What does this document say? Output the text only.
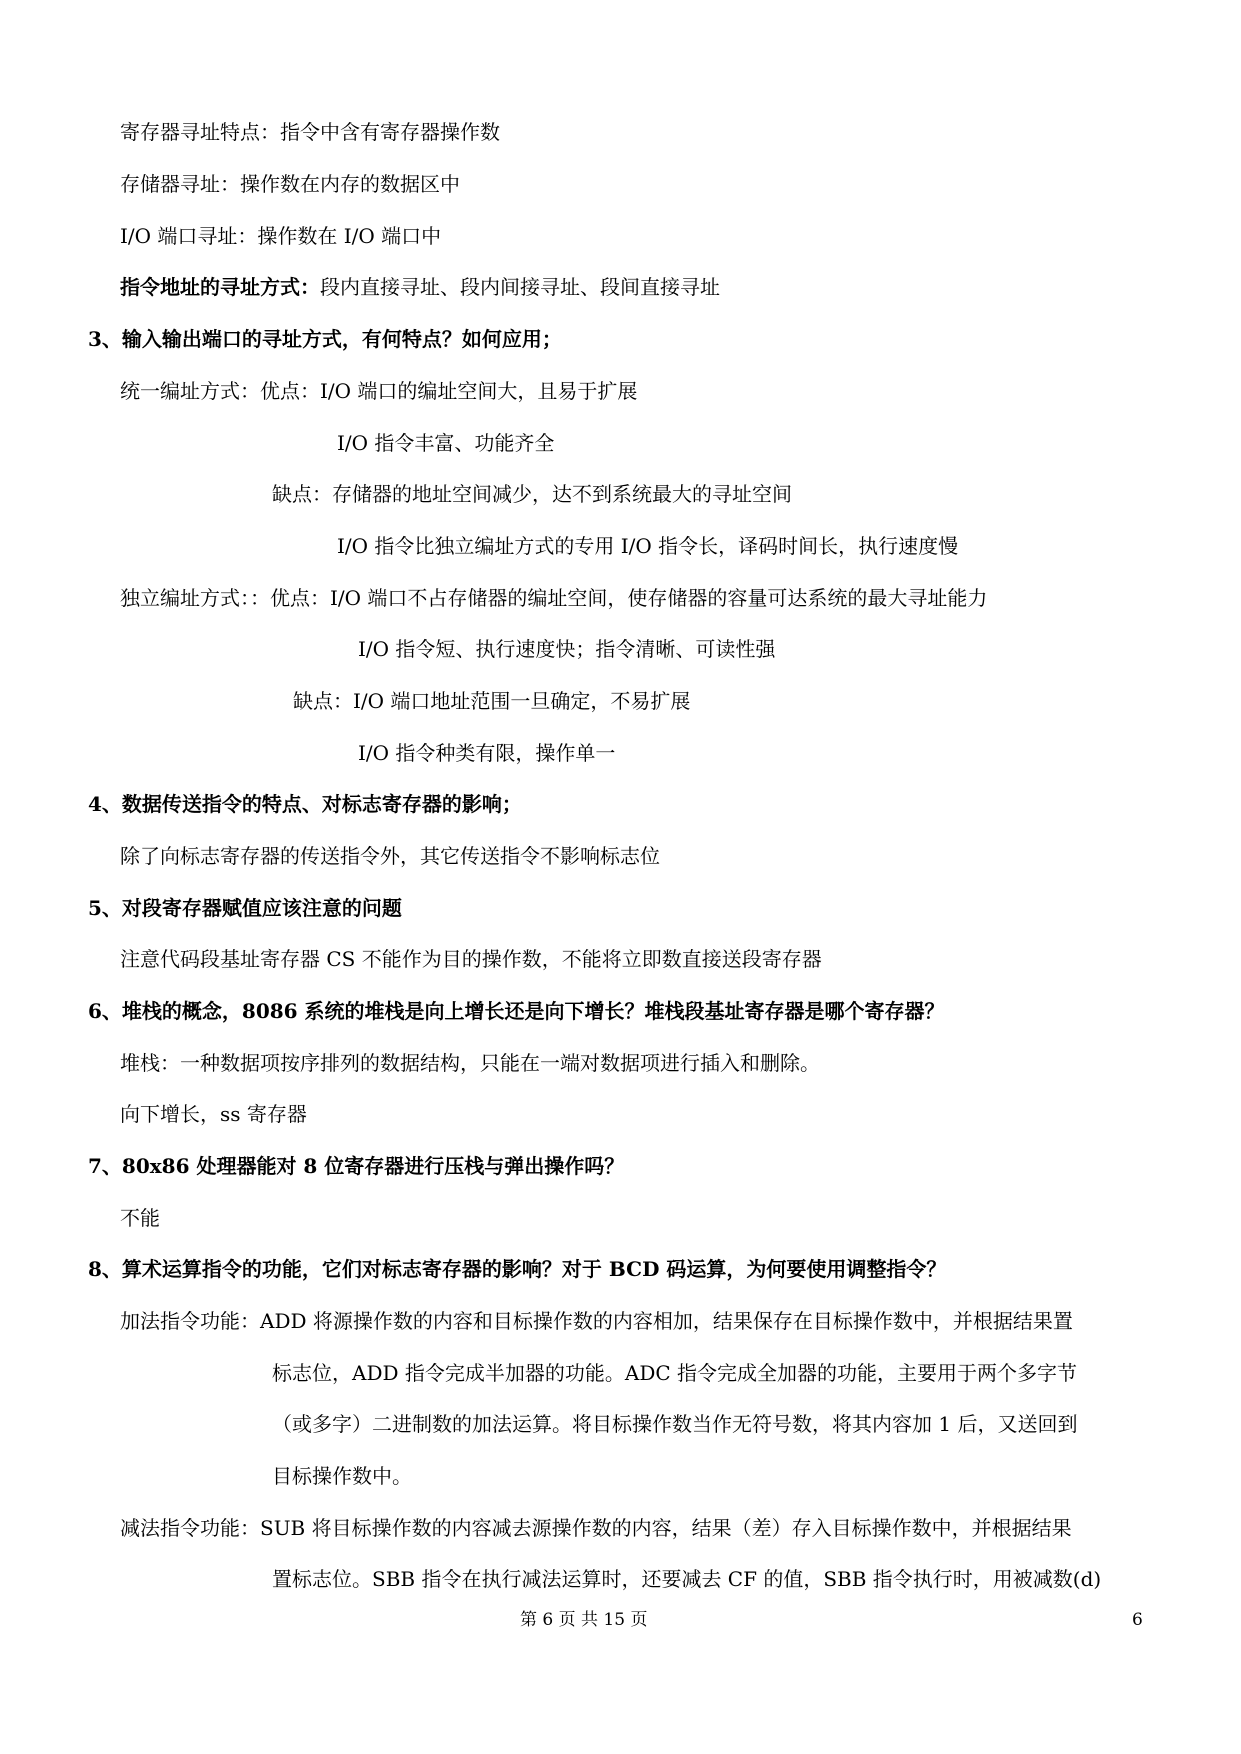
寄存器寻址特点：指令中含有寄存器操作数
存储器寻址：操作数在内存的数据区中
I/O 端口寻址：操作数在 I/O 端口中
指令地址的寻址方式：段内直接寻址、段内间接寻址、段间直接寻址
3、输入输出端口的寻址方式，有何特点？如何应用；
统一编址方式：优点：I/O 端口的编址空间大，且易于扩展
I/O 指令丰富、功能齐全
缺点：存储器的地址空间减少，达不到系统最大的寻址空间
I/O 指令比独立编址方式的专用 I/O 指令长，译码时间长，执行速度慢
独立编址方式：：优点：I/O 端口不占存储器的编址空间，使存储器的容量可达系统的最大寻址能力
I/O 指令短、执行速度快；指令清晰、可读性强
缺点：I/O 端口地址范围一旦确定，不易扩展
I/O 指令种类有限，操作单一
4、数据传送指令的特点、对标志寄存器的影响；
除了向标志寄存器的传送指令外，其它传送指令不影响标志位
5、对段寄存器赋值应该注意的问题
注意代码段基址寄存器 CS 不能作为目的操作数，不能将立即数直接送段寄存器
6、堆栈的概念，8086 系统的堆栈是向上增长还是向下增长？堆栈段基址寄存器是哪个寄存器？
堆栈：一种数据项按序排列的数据结构，只能在一端对数据项进行插入和删除。
向下增长，ss 寄存器
7、80x86 处理器能对 8 位寄存器进行压栈与弹出操作吗？
不能
8、算术运算指令的功能，它们对标志寄存器的影响？对于 BCD 码运算，为何要使用调整指令？
加法指令功能：ADD 将源操作数的内容和目标操作数的内容相加，结果保存在目标操作数中，并根据结果置
标志位，ADD 指令完成半加器的功能。ADC 指令完成全加器的功能，主要用于两个多字节
（或多字）二进制数的加法运算。将目标操作数当作无符号数，将其内容加 1 后，又送回到
目标操作数中。
减法指令功能：SUB 将目标操作数的内容减去源操作数的内容，结果（差）存入目标操作数中，并根据结果
置标志位。SBB 指令在执行减法运算时，还要减去 CF 的值，SBB 指令执行时，用被减数(d)
第 6 页 共 15 页	6
